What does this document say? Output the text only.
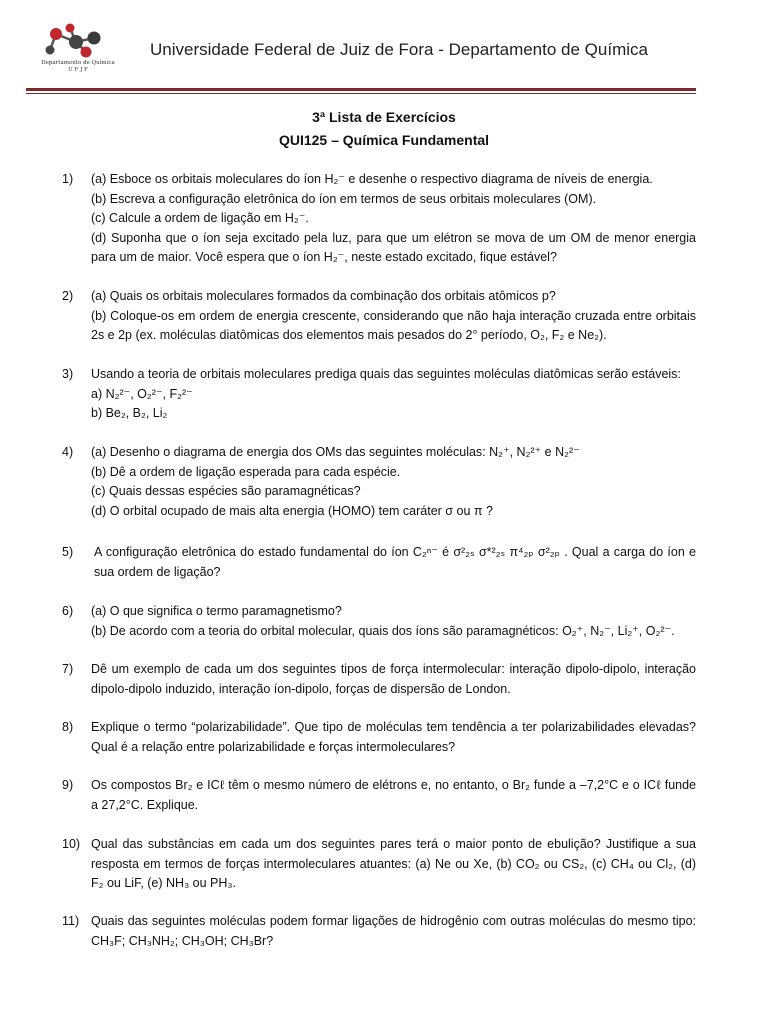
Departamento de Química
U F J F
Universidade Federal de Juiz de Fora - Departamento de Química
3ª Lista de Exercícios
QUI125 – Química Fundamental
1) (a) Esboce os orbitais moleculares do íon H₂⁻ e desenhe o respectivo diagrama de níveis de energia.
(b) Escreva a configuração eletrônica do íon em termos de seus orbitais moleculares (OM).
(c) Calcule a ordem de ligação em H₂⁻.
(d) Suponha que o íon seja excitado pela luz, para que um elétron se mova de um OM de menor energia para um de maior. Você espera que o íon H₂⁻, neste estado excitado, fique estável?
2) (a) Quais os orbitais moleculares formados da combinação dos orbitais atômicos p?
(b) Coloque-os em ordem de energia crescente, considerando que não haja interação cruzada entre orbitais 2s e 2p (ex. moléculas diatômicas dos elementos mais pesados do 2° período, O₂, F₂ e Ne₂).
3) Usando a teoria de orbitais moleculares prediga quais das seguintes moléculas diatômicas serão estáveis:
a) N₂²⁻, O₂²⁻, F₂²⁻
b) Be₂, B₂, Li₂
4) (a) Desenho o diagrama de energia dos OMs das seguintes moléculas: N₂⁺, N₂²⁺ e N₂²⁻
(b) Dê a ordem de ligação esperada para cada espécie.
(c) Quais dessas espécies são paramagnéticas?
(d) O orbital ocupado de mais alta energia (HOMO) tem caráter σ ou π ?
5) A configuração eletrônica do estado fundamental do íon C₂ⁿ⁻ é σ²₂ₛ σ*²₂ₛ π⁴₂ₚ σ²₂ₚ . Qual a carga do íon e sua ordem de ligação?
6) (a) O que significa o termo paramagnetismo?
(b) De acordo com a teoria do orbital molecular, quais dos íons são paramagnéticos: O₂⁺, N₂⁻, Li₂⁺, O₂²⁻.
7) Dê um exemplo de cada um dos seguintes tipos de força intermolecular: interação dipolo-dipolo, interação dipolo-dipolo induzido, interação íon-dipolo, forças de dispersão de London.
8) Explique o termo “polarizabilidade”. Que tipo de moléculas tem tendência a ter polarizabilidades elevadas? Qual é a relação entre polarizabilidade e forças intermoleculares?
9) Os compostos Br₂ e ICℓ têm o mesmo número de elétrons e, no entanto, o Br₂ funde a –7,2°C e o ICℓ funde a 27,2°C. Explique.
10) Qual das substâncias em cada um dos seguintes pares terá o maior ponto de ebulição? Justifique a sua resposta em termos de forças intermoleculares atuantes: (a) Ne ou Xe, (b) CO₂ ou CS₂, (c) CH₄ ou Cl₂, (d) F₂ ou LiF, (e) NH₃ ou PH₃.
11) Quais das seguintes moléculas podem formar ligações de hidrogênio com outras moléculas do mesmo tipo: CH₃F; CH₃NH₂; CH₃OH; CH₃Br?
